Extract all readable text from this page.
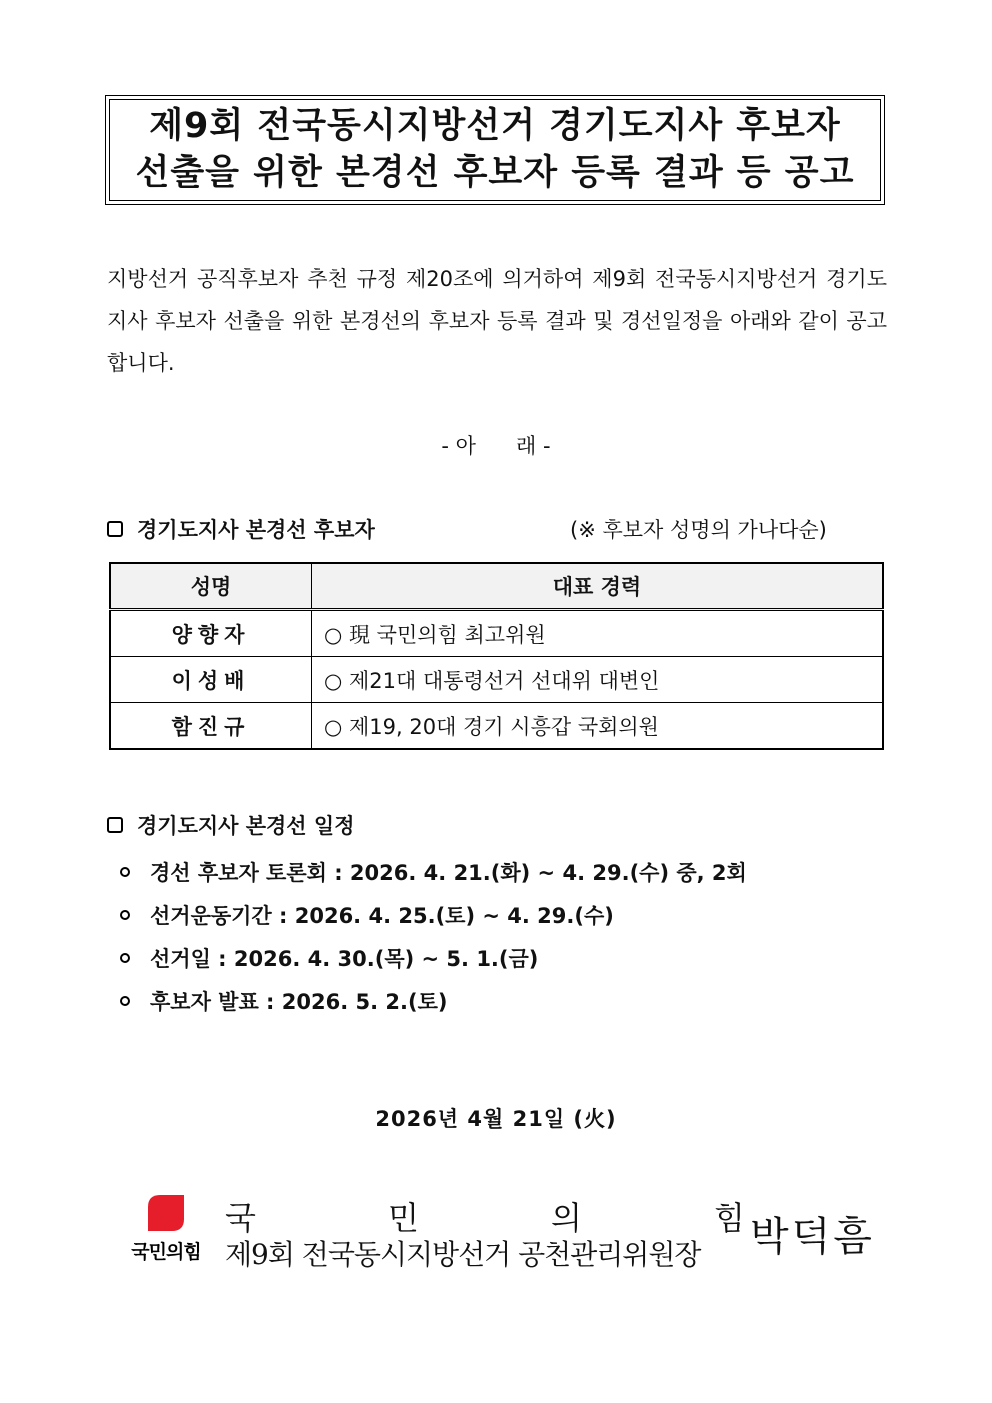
제9회 전국동시지방선거 경기도지사 후보자
선출을 위한 본경선 후보자 등록 결과 등 공고
지방선거 공직후보자 추천 규정 제20조에 의거하여 제9회 전국동시지방선거 경기도지사 후보자 선출을 위한 본경선의 후보자 등록 결과 및 경선일정을 아래와 같이 공고합니다.
- 아      래 -
경기도지사 본경선 후보자	(※ 후보자 성명의 가나다순)
성명	대표 경력
양향자	○ 現 국민의힘 최고위원
이성배	○ 제21대 대통령선거 선대위 대변인
함진규	○ 제19, 20대 경기 시흥갑 국회의원
경기도지사 본경선 일정
경선 후보자 토론회 : 2026. 4. 21.(화) ~ 4. 29.(수) 중, 2회
선거운동기간 : 2026. 4. 25.(토) ~ 4. 29.(수)
선거일 : 2026. 4. 30.(목) ~ 5. 1.(금)
후보자 발표 : 2026. 5. 2.(토)
2026년 4월 21일 (火)
국민의힘
국	민	의	힘
제9회 전국동시지방선거 공천관리위원장 박덕흠
